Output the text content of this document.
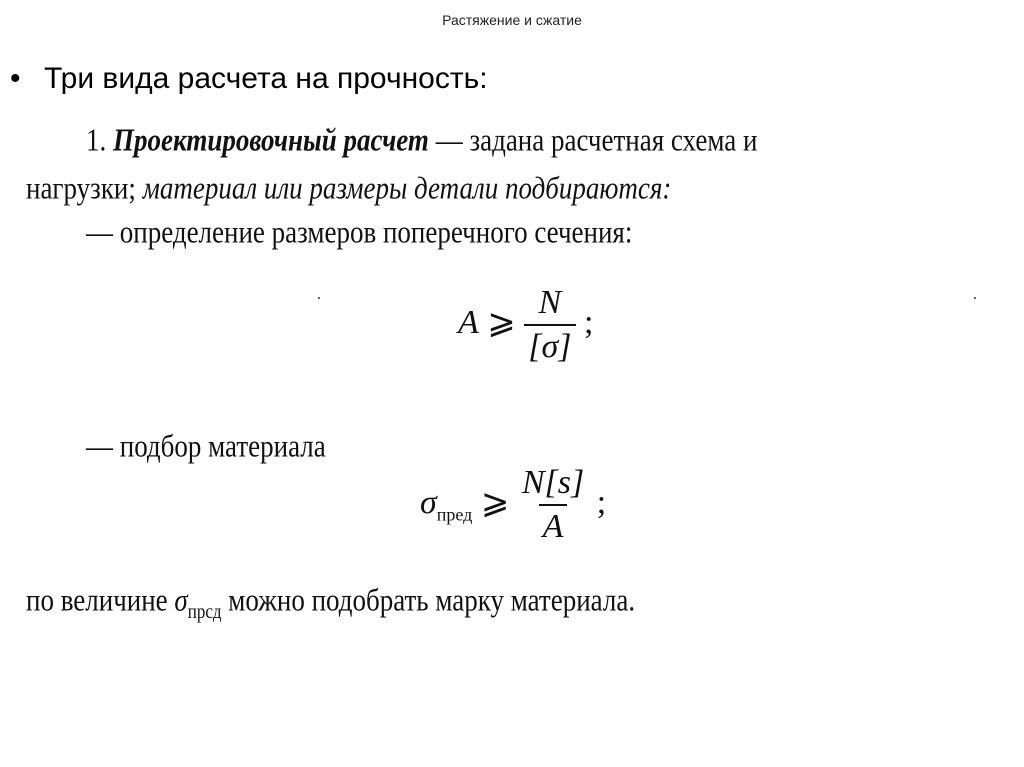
Растяжение и сжатие
• Три вида расчета на прочность:
1. Проектировочный расчет — задана расчетная схема и
нагрузки; материал или размеры детали подбираются:
— определение размеров поперечного сечения:
A ⩾ $\frac{N}{[\sigma]}$ ;
— подбор материала
$\sigma_{пред}$ ⩾ $\frac{N[s]}{A}$ ;
по величине $\sigma_{прсд}$ можно подобрать марку материала.
